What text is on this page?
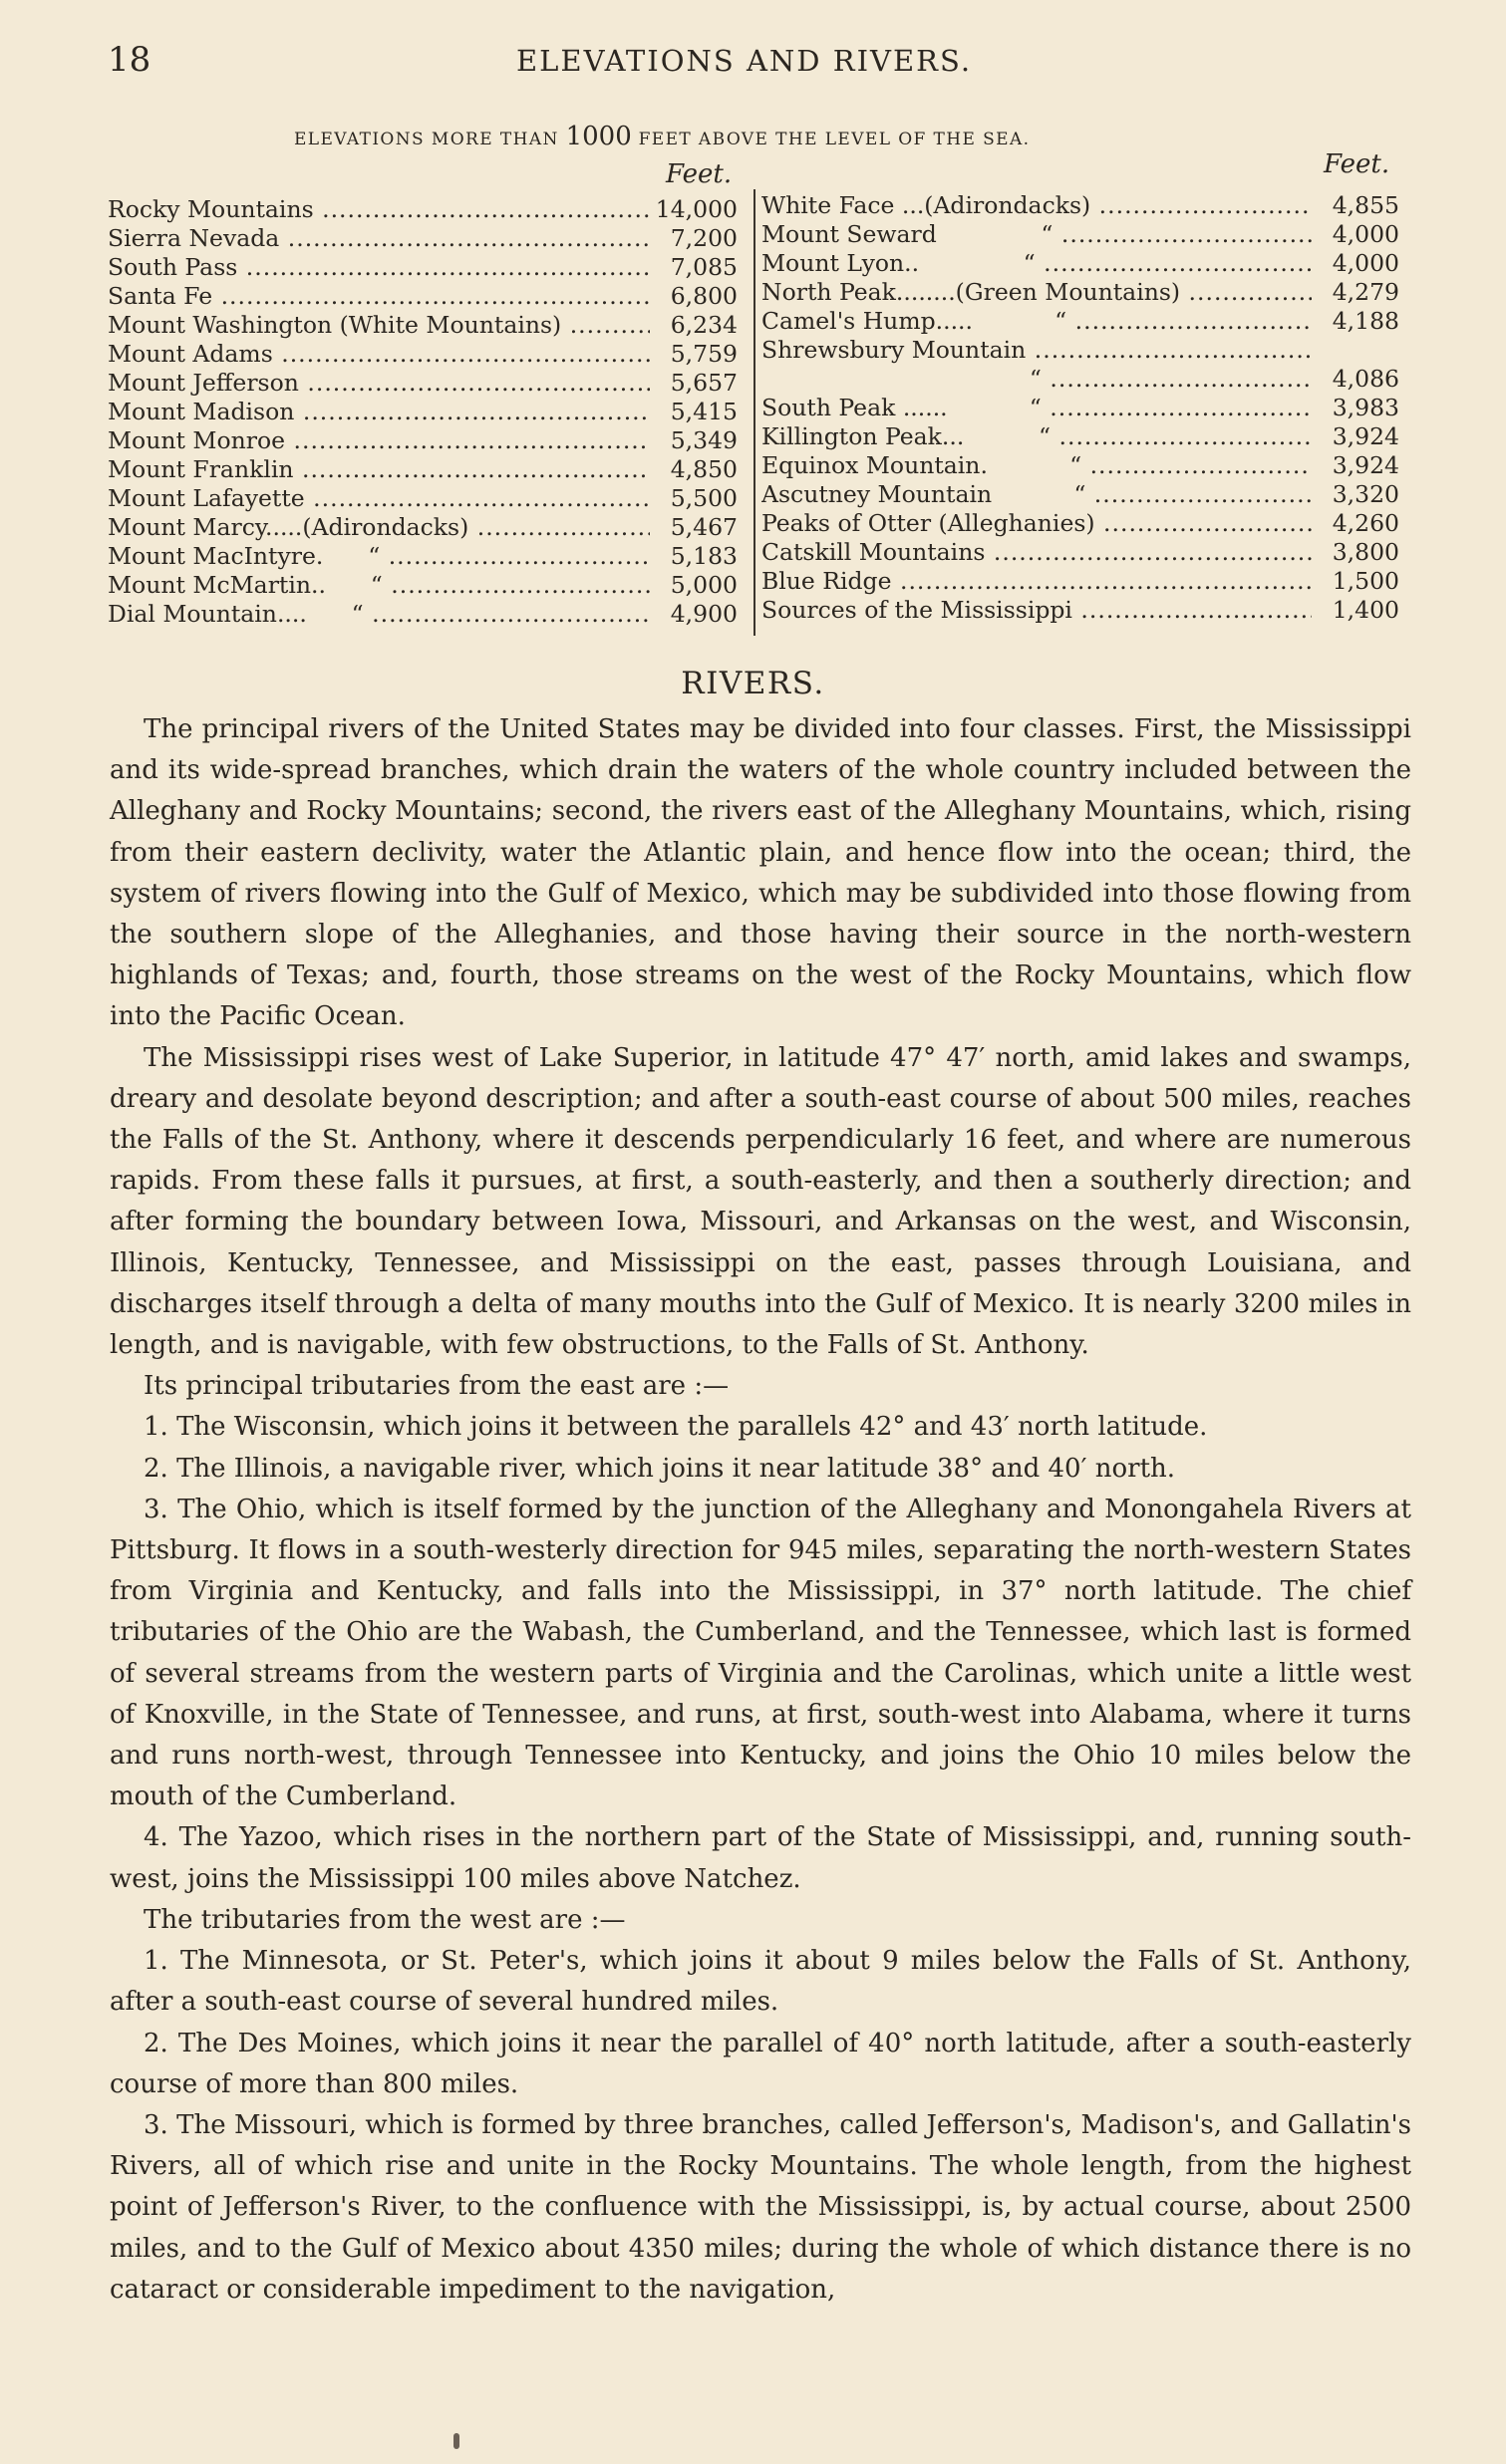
18	ELEVATIONS AND RIVERS.
ELEVATIONS MORE THAN 1000 FEET ABOVE THE LEVEL OF THE SEA.
Feet.	Feet.
Rocky Mountains .....	14,000
Sierra Nevada .....	7,200
South Pass .....	7,085
Santa Fe .....	6,800
Mount Washington (White Mountains) .....	6,234
Mount Adams .....	5,759
Mount Jefferson .....	5,657
Mount Madison .....	5,415
Mount Monroe .....	5,349
Mount Franklin .....	4,850
Mount Lafayette .....	5,500
Mount Marcy.....(Adirondacks) .....	5,467
Mount MacIntyre.      “ .....	5,183
Mount McMartin..      “ .....	5,000
Dial Mountain....      “ .....	4,900
White Face ...(Adirondacks) .....	4,855
Mount Seward              “ .....	4,000
Mount Lyon..              “ .....	4,000
North Peak........(Green Mountains) .....	4,279
Camel's Hump.....           “ .....	4,188
Shrewsbury Mountain .....
“ .....	4,086
South Peak ......           “ .....	3,983
Killington Peak...          “ .....	3,924
Equinox Mountain.           “ .....	3,924
Ascutney Mountain           “ .....	3,320
Peaks of Otter (Alleghanies) .....	4,260
Catskill Mountains .....	3,800
Blue Ridge .....	1,500
Sources of the Mississippi .....	1,400
RIVERS.

The principal rivers of the United States may be divided into four classes. First, the Mississippi and its wide-spread branches, which drain the waters of the whole country included between the Alleghany and Rocky Mountains; second, the rivers east of the Alleghany Mountains, which, rising from their eastern declivity, water the Atlantic plain, and hence flow into the ocean; third, the system of rivers flowing into the Gulf of Mexico, which may be subdivided into those flowing from the southern slope of the Alleghanies, and those having their source in the north-western highlands of Texas; and, fourth, those streams on the west of the Rocky Mountains, which flow into the Pacific Ocean.

The Mississippi rises west of Lake Superior, in latitude 47° 47′ north, amid lakes and swamps, dreary and desolate beyond description; and after a south-east course of about 500 miles, reaches the Falls of the St. Anthony, where it descends perpendicularly 16 feet, and where are numerous rapids. From these falls it pursues, at first, a south-easterly, and then a southerly direction; and after forming the boundary between Iowa, Missouri, and Arkansas on the west, and Wisconsin, Illinois, Kentucky, Tennessee, and Mississippi on the east, passes through Louisiana, and discharges itself through a delta of many mouths into the Gulf of Mexico. It is nearly 3200 miles in length, and is navigable, with few obstructions, to the Falls of St. Anthony.

Its principal tributaries from the east are :—

1. The Wisconsin, which joins it between the parallels 42° and 43′ north latitude.

2. The Illinois, a navigable river, which joins it near latitude 38° and 40′ north.

3. The Ohio, which is itself formed by the junction of the Alleghany and Monongahela Rivers at Pittsburg. It flows in a south-westerly direction for 945 miles, separating the north-western States from Virginia and Kentucky, and falls into the Mississippi, in 37° north latitude. The chief tributaries of the Ohio are the Wabash, the Cumberland, and the Tennessee, which last is formed of several streams from the western parts of Virginia and the Carolinas, which unite a little west of Knoxville, in the State of Tennessee, and runs, at first, south-west into Alabama, where it turns and runs north-west, through Tennessee into Kentucky, and joins the Ohio 10 miles below the mouth of the Cumberland.

4. The Yazoo, which rises in the northern part of the State of Mississippi, and, running south-west, joins the Mississippi 100 miles above Natchez.

The tributaries from the west are :—

1. The Minnesota, or St. Peter's, which joins it about 9 miles below the Falls of St. Anthony, after a south-east course of several hundred miles.

2. The Des Moines, which joins it near the parallel of 40° north latitude, after a south-easterly course of more than 800 miles.

3. The Missouri, which is formed by three branches, called Jefferson's, Madison's, and Gallatin's Rivers, all of which rise and unite in the Rocky Mountains. The whole length, from the highest point of Jefferson's River, to the confluence with the Mississippi, is, by actual course, about 2500 miles, and to the Gulf of Mexico about 4350 miles; during the whole of which distance there is no cataract or considerable impediment to the navigation,
